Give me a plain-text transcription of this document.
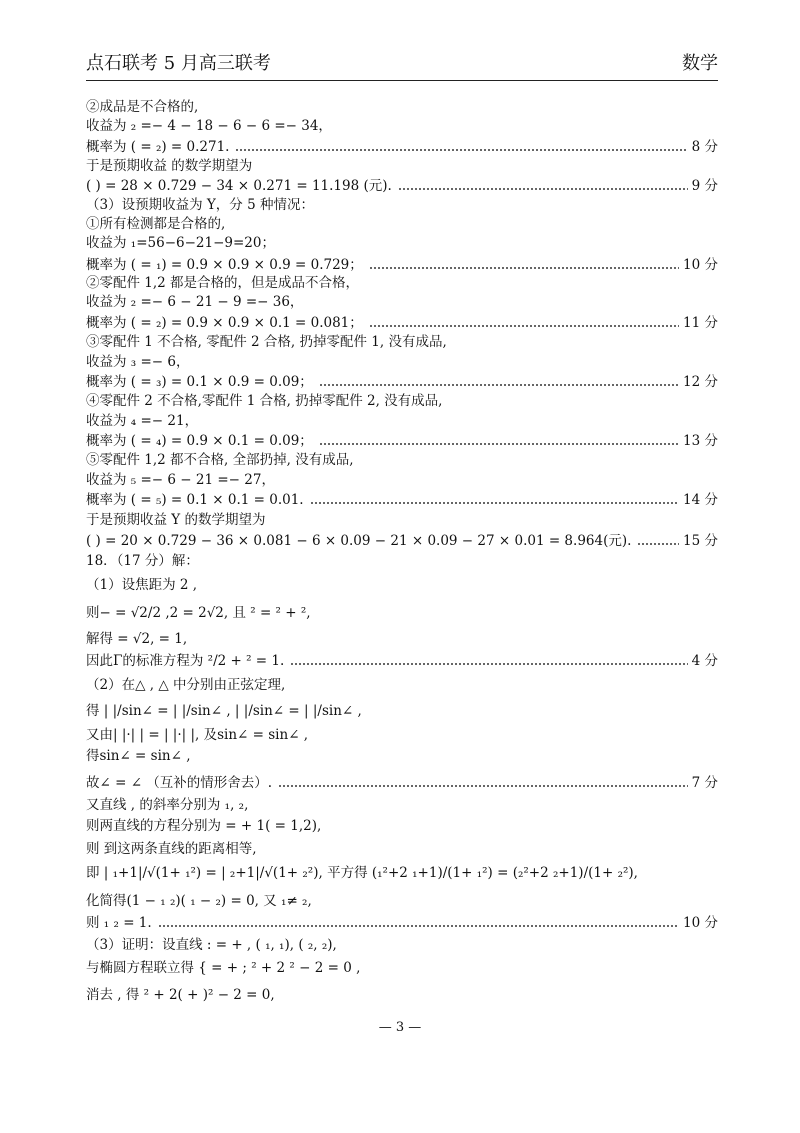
点石联考 5 月高三联考	数学
②成品是不合格的,
收益为 ₂ =− 4 − 18 − 6 − 6 =− 34，
概率为 ( = ₂) = 0.271.	8 分
于是预期收益 的数学期望为
( ) = 28 × 0.729 − 34 × 0.271 = 11.198 (元).	9 分
（3）设预期收益为 Y，分 5 种情况：
①所有检测都是合格的,
收益为 ₁=56−6−21−9=20；
概率为 ( = ₁) = 0.9 × 0.9 × 0.9 = 0.729；	10 分
②零配件 1,2 都是合格的，但是成品不合格，
收益为 ₂ =− 6 − 21 − 9 =− 36，
概率为 ( = ₂) = 0.9 × 0.9 × 0.1 = 0.081；	11 分
③零配件 1 不合格, 零配件 2 合格, 扔掉零配件 1, 没有成品,
收益为 ₃ =− 6，
概率为 ( = ₃) = 0.1 × 0.9 = 0.09；	12 分
④零配件 2 不合格,零配件 1 合格, 扔掉零配件 2, 没有成品,
收益为 ₄ =− 21，
概率为 ( = ₄) = 0.9 × 0.1 = 0.09；	13 分
⑤零配件 1,2 都不合格, 全部扔掉, 没有成品,
收益为 ₅ =− 6 − 21 =− 27，
概率为 ( = ₅) = 0.1 × 0.1 = 0.01.	14 分
于是预期收益 Y 的数学期望为
( ) = 20 × 0.729 − 36 × 0.081 − 6 × 0.09 − 21 × 0.09 − 27 × 0.01 = 8.964(元).	15 分
18．（17 分）解：
（1）设焦距为 2 ,
则− = √2/2 ,2 = 2√2, 且 ² = ² + ²,
解得 = √2, = 1,
因此Γ的标准方程为 ²/2 + ² = 1.	4 分
（2）在△ , △ 中分别由正弦定理,
得 | |/sin∠ = | |/sin∠ , | |/sin∠ = | |/sin∠ ,
又由| |·| | = | |·| |, 及sin∠ = sin∠ ,
得sin∠ = sin∠ ,
故∠ = ∠ （互补的情形舍去）.	7 分
又直线 , 的斜率分别为 ₁, ₂,
则两直线的方程分别为 = + 1( = 1,2),
则 到这两条直线的距离相等,
即 | ₁+1|/√(1+ ₁²) = | ₂+1|/√(1+ ₂²), 平方得 (₁²+2 ₁+1)/(1+ ₁²) = (₂²+2 ₂+1)/(1+ ₂²),
化简得(1 − ₁ ₂)( ₁ − ₂) = 0, 又 ₁≠ ₂,
则 ₁ ₂ = 1.	10 分
（3）证明：设直线 : = + , ( ₁, ₁), ( ₂, ₂),
与椭圆方程联立得 { = + ; ² + 2 ² − 2 = 0 ,
消去 , 得 ² + 2( + )² − 2 = 0,
— 3 —
